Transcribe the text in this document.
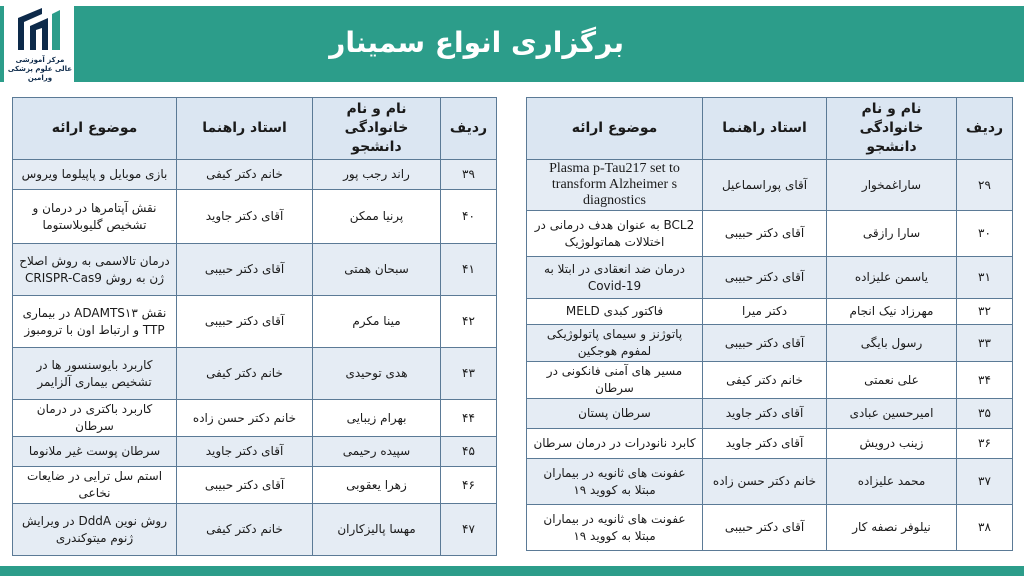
برگزاری انواع سمینار
مرکز آموزشی عالی علوم پزشکی ورامین
ردیف	نام و نام خانوادگی دانشجو	استاد راهنما	موضوع ارائه
۲۹	ساراغمخوار	آقای پوراسماعیل	Plasma p-Tau217 set to transform Alzheimer s diagnostics
۳۰	سارا رازقی	آقای دکتر حبیبی	BCL2 به عنوان هدف درمانی در اختلالات هماتولوژیک
۳۱	یاسمن علیزاده	آقای دکتر حبیبی	درمان ضد انعقادی در ابتلا به Covid-19
۳۲	مهرزاد نیک انجام	دکتر میرا	فاکتور کبدی MELD
۳۳	رسول بایگی	آقای دکتر حبیبی	پاتوژنز و سیمای پاتولوژیکی لمفوم هوجکین
۳۴	علی نعمتی	خانم دکتر کیفی	مسیر های آمنی فانکونی در سرطان
۳۵	امیرحسین عبادی	آقای دکتر جاوید	سرطان پستان
۳۶	زینب درویش	آقای دکتر جاوید	کابرد نانودرات در درمان سرطان
۳۷	محمد علیزاده	خانم دکتر حسن زاده	عفونت های ثانویه در بیماران مبتلا به کووید ۱۹
۳۸	نیلوفر نصفه کار	آقای دکتر حبیبی	عفونت های ثانویه در بیماران مبتلا به کووید ۱۹
ردیف	نام و نام خانوادگی دانشجو	استاد راهنما	موضوع ارائه
۳۹	راند رجب پور	خانم دکتر کیفی	بازی موبایل و پاپیلوما ویروس
۴۰	پرنیا ممکن	آقای دکتر جاوید	نقش آپتامرها در درمان و تشخیص گلیوبلاستوما
۴۱	سبحان همتی	آقای دکتر حبیبی	درمان تالاسمی به روش اصلاح ژن به روش CRISPR-Cas9
۴۲	مینا مکرم	آقای دکتر حبیبی	نقش ADAMTS۱۳ در بیماری TTP و ارتباط اون با ترومبوز
۴۳	هدی توحیدی	خانم دکتر کیفی	کاربرد بایوسنسور ها در تشخیص بیماری آلزایمر
۴۴	بهرام زیبایی	خانم دکتر حسن زاده	کاربرد باکتری در درمان سرطان
۴۵	سپیده رحیمی	آقای دکتر جاوید	سرطان پوست غیر ملانوما
۴۶	زهرا یعقوبی	آقای دکتر حبیبی	استم سل ترایی در ضایعات نخاعی
۴۷	مهسا پالیزکاران	خانم دکتر کیفی	روش نوین DddA در ویرایش ژنوم میتوکندری
